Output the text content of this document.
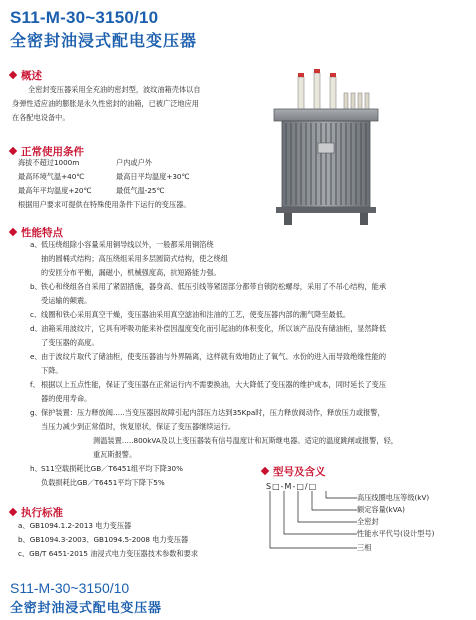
S11-M-30~3150/10
全密封油浸式配电变压器
概述
全密封变压器采用全充油的密封型，波纹油箱壳体以自
身弹性适应油的膨胀是永久性密封的油箱，已被广泛地应用
在各配电设备中。
正常使用条件
海拔不超过1000m	户内或户外
最高环境气温+40℃	最高日平均温度+30℃
最高年平均温度+20℃	最低气温-25℃
根据用户要求可提供在特殊使用条件下运行的变压器。
性能特点
a、 低压绕组除小容量采用铜导线以外，一般都采用铜箔绕
抽的圆桶式结构；高压绕组采用多层圆筒式结构，使之绕组
的安匝分布平衡，漏磁小，机械强度高，抗短路能力强。
b、 铁心和绕组各自采用了紧固措施，器身高、低压引线等紧固部分都带自锁防松螺母，采用了不吊心结构，能承
受运输的颠震。
c、 线圈和铁心采用真空干燥，变压器油采用真空滤油和注油的工艺，使变压器内部的潮气降至最低。
d、 油箱采用波纹片，它具有呼吸功能来补偿因温度变化而引起油的体积变化，所以该产品没有储油柜，显然降低
了变压器的高度。
e、 由于波纹片取代了储油柜，使变压器油与外界隔离，这样就有效地防止了氧气、水份的进入而导致绝缘性能的
下降。
f、 根据以上五点性能，保证了变压器在正常运行内不需要换油，大大降低了变压器的维护成本，同时延长了变压
器的使用寿命。
g、 保护装置：压力释放阀…..当变压器因故障引起内部压力达到35Kpa时，压力释放阀动作，释放压力或报警，
当压力减少到正常值时，恢复原状，保证了变压器继续运行。
测温装置…..800kVA及以上变压器装有信号温度计和瓦斯继电器。适定的温度跳闸或报警，轻，
重瓦斯报警。
h、 S11空载损耗比GB／T6451组平均下降30%
负载损耗比GB／T6451平均下降下5%
执行标准
a、GB1094.1.2-2013 电力变压器
b、GB1094.3-2003、GB1094.5-2008 电力变压器
c、GB/T 6451-2015 油浸式电力变压器技术参数和要求
型号及含义
S□-M-□/□
高压线圈电压等级(kV)
额定容量(kVA)
全密封
性能水平代号(设计型号)
三相
S11-M-30~3150/10
全密封油浸式配电变压器
